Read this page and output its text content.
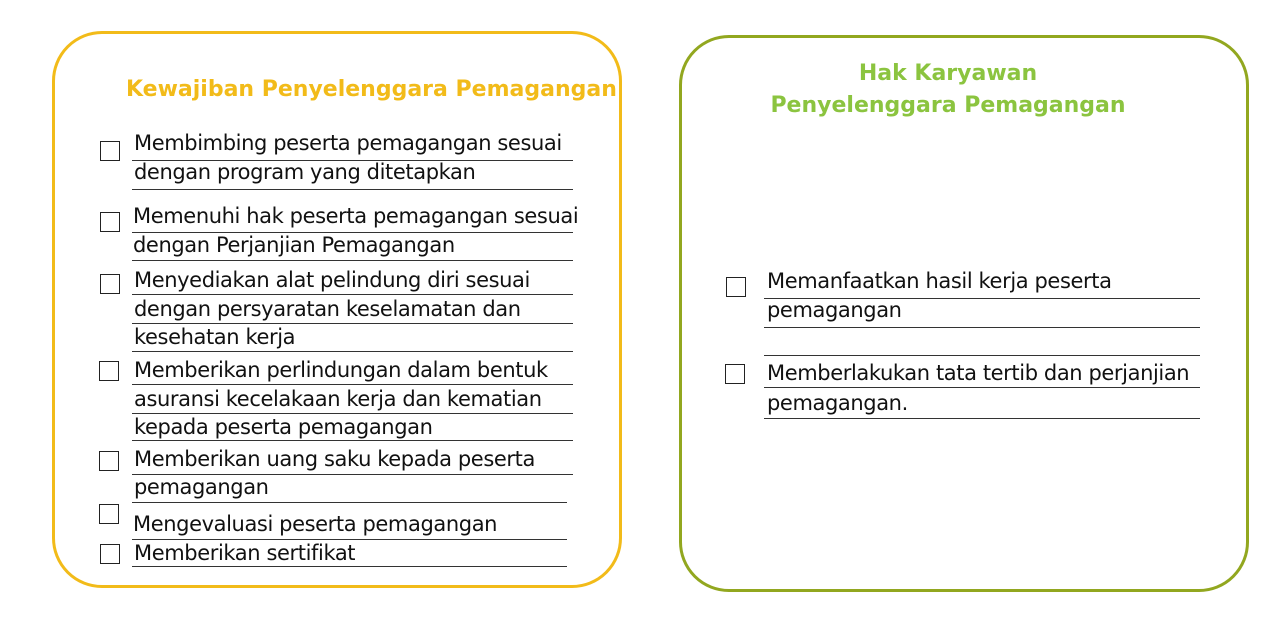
Kewajiban Penyelenggara Pemagangan
Hak Karyawan
Penyelenggara Pemagangan
Membimbing peserta pemagangan sesuai
dengan program yang ditetapkan
Memenuhi hak peserta pemagangan sesuai
dengan Perjanjian Pemagangan
Menyediakan alat pelindung diri sesuai
dengan persyaratan keselamatan dan
kesehatan kerja
Memberikan perlindungan dalam bentuk
asuransi kecelakaan kerja dan kematian
kepada peserta pemagangan
Memberikan uang saku kepada peserta
pemagangan
Mengevaluasi peserta pemagangan
Memberikan sertifikat
Memanfaatkan hasil kerja peserta
pemagangan
Memberlakukan tata tertib dan perjanjian
pemagangan.
